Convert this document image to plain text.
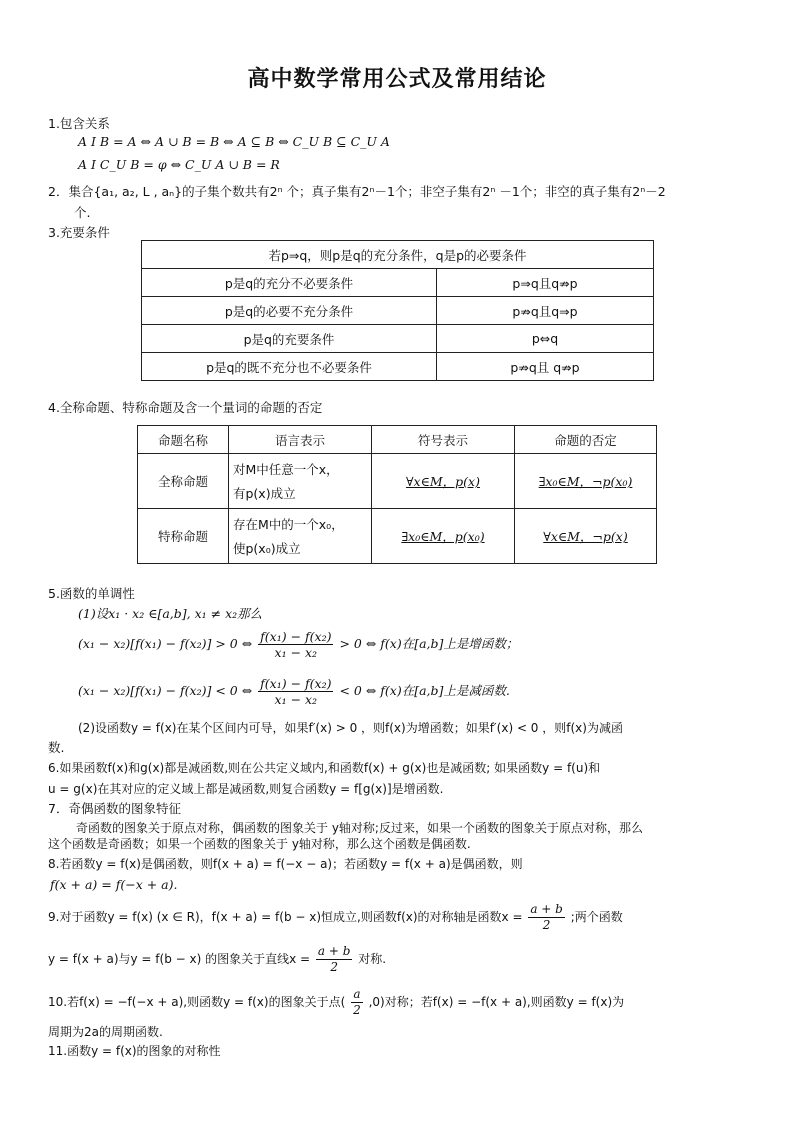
高中数学常用公式及常用结论
1.包含关系
A I B = A ⇔ A ∪ B = B ⇔ A ⊆ B ⇔ C_U B ⊆ C_U A
A I C_U B = φ ⇔ C_U A ∪ B = R
2．集合{a₁, a₂, L , aₙ}的子集个数共有2ⁿ 个；真子集有2ⁿ－1个；非空子集有2ⁿ －1个；非空的真子集有2ⁿ－2
个.
3.充要条件
若p⇒q，则p是q的充分条件，q是p的必要条件	
p是q的充分不必要条件	p⇒q且q⇏p
p是q的必要不充分条件	p⇏q且q⇒p
p是q的充要条件	p⇔q
p是q的既不充分也不必要条件	p⇏q且 q⇏p
4.全称命题、特称命题及含一个量词的命题的否定
命题名称	语言表示	符号表示	命题的否定
全称命题	对M中任意一个x，
有p(x)成立	∀x∈M，p(x)	∃x₀∈M，¬p(x₀)
特称命题	存在M中的一个x₀，
使p(x₀)成立	∃x₀∈M，p(x₀)	∀x∈M，¬p(x)
5.函数的单调性
(1)设x₁ · x₂ ∈[a,b], x₁ ≠ x₂那么
(x₁ − x₂)[f(x₁) − f(x₂)] > 0 ⇔ $\frac{\text{f(x₁) − f(x₂)}}{\text{x₁ − x₂}} > 0$ ⇔ f(x)在[a,b]上是增函数；
(x₁ − x₂)[f(x₁) − f(x₂)] < 0 ⇔ $\frac{\text{f(x₁) − f(x₂)}}{\text{x₁ − x₂}} < 0$ ⇔ f(x)在[a,b]上是减函数.
(2)设函数y = f(x)在某个区间内可导，如果f′(x) > 0 ，则f(x)为增函数；如果f′(x) < 0 ，则f(x)为减函
数.
6.如果函数f(x)和g(x)都是减函数,则在公共定义域内,和函数f(x) + g(x)也是减函数; 如果函数y = f(u)和
u = g(x)在其对应的定义域上都是减函数,则复合函数y = f[g(x)]是增函数.
7．奇偶函数的图象特征
奇函数的图象关于原点对称，偶函数的图象关于 y轴对称;反过来，如果一个函数的图象关于原点对称，那么
这个函数是奇函数；如果一个函数的图象关于 y轴对称，那么这个函数是偶函数.
8.若函数y = f(x)是偶函数，则f(x + a) = f(−x − a)；若函数y = f(x + a)是偶函数，则
f(x + a) = f(−x + a).
9.对于函数y = f(x) (x ∈ R)，f(x + a) = f(b − x)恒成立,则函数f(x)的对称轴是函数$x = \frac{a + b}{2}$ ;两个函数
y = f(x + a)与y = f(b − x) 的图象关于直线$x = \frac{a + b}{2}$ 对称.
10.若f(x) = −f(−x + a),则函数y = f(x)的图象关于点( $\frac{a}{2} ,0$)对称；若f(x) = −f(x + a),则函数y = f(x)为
周期为2a的周期函数.
11.函数y = f(x)的图象的对称性
